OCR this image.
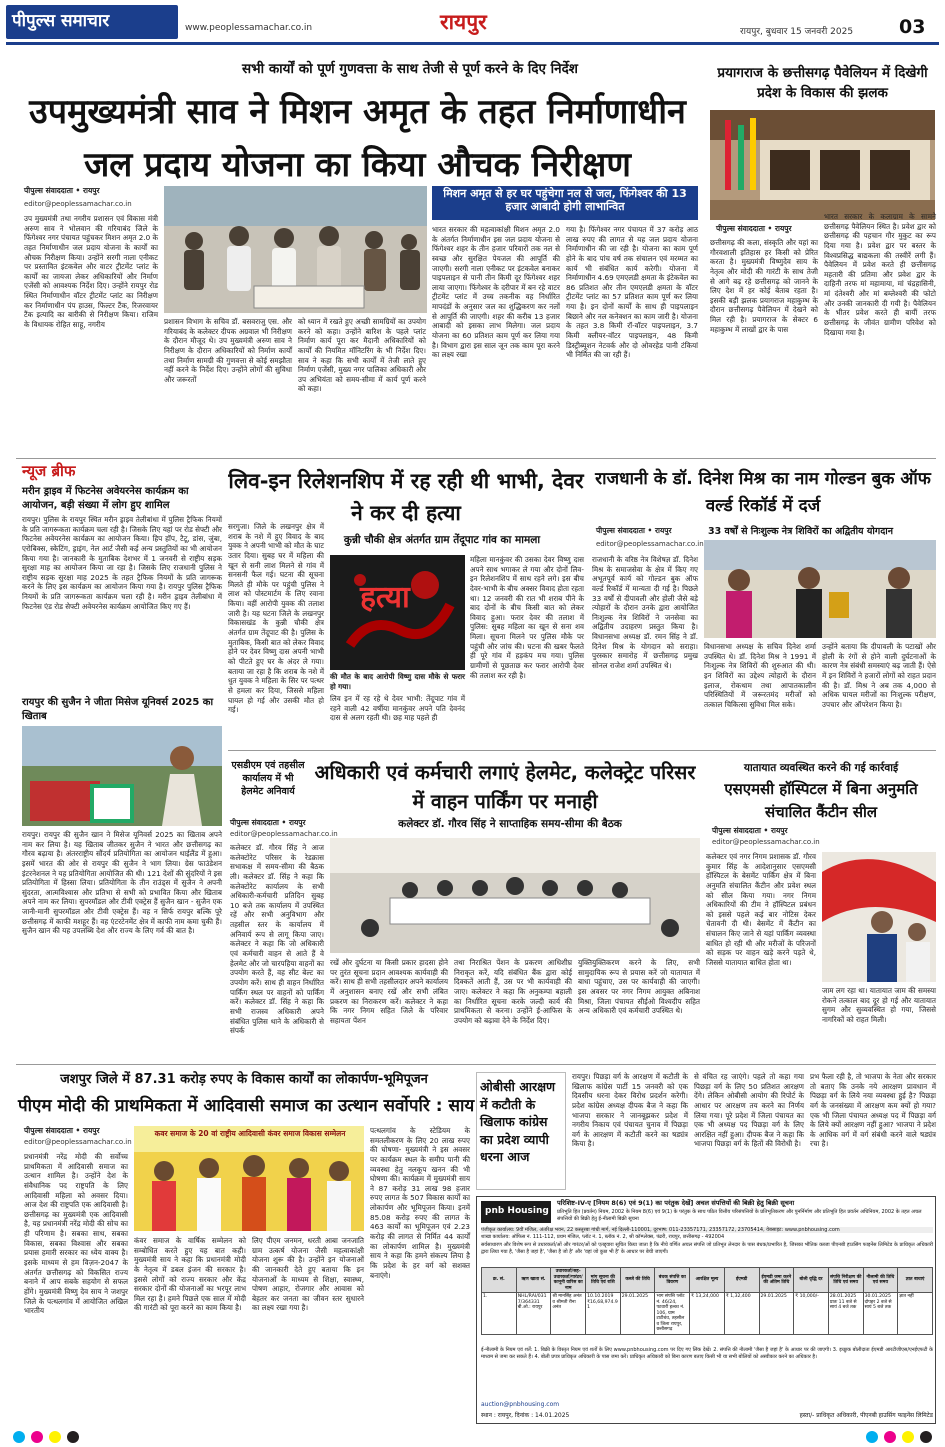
पीपुल्स समाचार	www.peoplessamachar.co.in	रायपुर	रायपुर, बुधवार 15 जनवरी 2025 03
सभी कार्यों को पूर्ण गुणवत्ता के साथ तेजी से पूर्ण करने के दिए निर्देश
उपमुख्यमंत्री साव ने मिशन अमृत के तहत निर्माणाधीन जल प्रदाय योजना का किया औचक निरीक्षण
पीपुल्स संवाददाता • रायपुर
editor@peoplessamachar.co.in
उप मुख्यमंत्री तथा नगरीय प्रशासन एवं विकास मंत्री अरुण साव ने भोलवान की गरियाबंद जिले के फिंगेश्वर नगर पंचायत पहुंचकर मिशन अमृत 2.0 के तहत निर्माणाधीन जल प्रदाय योजना के कार्यों का औचक निरीक्षण किया। उन्होंने सरगी नाला एनीकट पर प्रस्तावित इंटकवेल और वाटर ट्रीटमेंट प्लांट के कार्यों का जायजा लेकर अधिकारियों और निर्माण एजेंसी को आवश्यक निर्देश दिए। उन्होंने रायपुर रोड स्थित निर्माणाधीन वॉटर ट्रीटमेंट प्लांट का निरीक्षण कर निर्माणाधीन पंप हाउस, फिल्टर टैंक, रिजरवायर टैंक इत्यादि का बारीकी से निरीक्षण किया। राजिम के विधायक रोहित साहू, नगरीय	प्रशासन विभाग के सचिव डॉ. बसवराजु एस. और गरियाबंद के कलेक्टर दीपक अग्रवाल भी निरीक्षण के दौरान मौजूद थे। उप मुख्यमंत्री अरुण साव ने निरीक्षण के दौरान अधिकारियों को निर्माण कार्यों तथा निर्माण सामग्री की गुणवत्ता से कोई समझौता नहीं करने के निर्देश दिए। उन्होंने लोगों की सुविधा और जरूरतों
को ध्यान में रखते हुए अच्छी सामग्रियों का उपयोग करने को कहा। उन्होंने बारिश के पहले प्लांट निर्माण कार्य पूरा कर मैदानी अधिकारियों को कार्यों की नियमित मॉनिटरिंग के भी निर्देश दिए। साव ने कहा कि सभी कार्यों में तेजी लाते हुए निर्माण एजेंसी, मुख्य नगर पालिका अधिकारी और उप अभियंता को समय-सीमा में कार्य पूर्ण करने को कहा।
मिशन अमृत से हर घर पहुंचेगा नल से जल, फिंगेश्वर की 13 हजार आबादी होगी लाभान्वित
भारत सरकार की महत्वाकांक्षी मिशन अमृत 2.0 के अंतर्गत निर्माणाधीन इस जल प्रदाय योजना से फिंगेश्वर शहर के तीन हजार परिवारों तक नल से स्वच्छ और सुरक्षित पेयजल की आपूर्ति की जाएगी। सरगी नाला एनीकट पर इंटकवेल बनाकर पाइपलाइन से पानी तीन किमी दूर फिंगेश्वर शहर लाया जाएगा। फिंगेश्वर के दरीपार में बन रहे वाटर ट्रीटमेंट प्लांट में उच्च तकनीक वह निर्धारित मापदंडों के अनुसार जल का शुद्धिकरण कर नलों से आपूर्ति की जाएगी। शहर की करीब 13 हजार आबादी को इसका लाभ मिलेगा। जल प्रदाय योजना का 60 प्रतिशत काम पूर्ण कर लिया गया है। विभाग द्वारा इस साल जून तक काम पूरा करने का लक्ष्य रखा
गया है। फिंगेश्वर नगर पंचायत में 37 करोड़ आठ लाख रुपए की लागत से यह जल प्रदाय योजना निर्माणाधीन की जा रही है। योजना का काम पूर्ण होने के बाद पांच वर्ष तक संचालन एवं मरम्मत का कार्य भी संबंधित कार्य करेगी। योजना में निर्माणाधीन 4.69 एमएलडी क्षमता के इंटेकवेल का 86 प्रतिशत और तीन एमएलडी क्षमता के वॉटर ट्रीटमेंट प्लांट का 57 प्रतिशत काम पूर्ण कर लिया गया है। इन दोनों कार्यों के साथ ही पाइपलाइन बिछाने और नल कनेक्शन का काम जारी है। योजना के तहत 3.8 किमी रॉ-वॉटर पाइपलाइन, 3.7 किमी क्लीयर-वॉटर पाइपलाइन, 48 किमी डिस्ट्रीब्यूशन नेटवर्क और दो ओवरहेड पानी टंकियां भी निर्मित की जा रही हैं।
प्रयागराज के छत्तीसगढ़ पैवेलियन में दिखेगी प्रदेश के विकास की झलक
पीपुल्स संवाददाता • रायपुर
छत्तीसगढ़ की कला, संस्कृति और यहां का गौरवशाली इतिहास हर किसी को प्रेरित करता है। मुख्यमंत्री विष्णुदेव साय के नेतृत्व और मोदी की गारंटी के साथ तेजी से आगे बढ़ रहे छत्तीसगढ़ को जानने के लिए देश में हर कोई बेताब रहता है। इसकी बड़ी झलक प्रयागराज महाकुम्भ के दौरान छत्तीसगढ़ पैवेलियन में देखने को मिल रही है। प्रयागराज के सेक्टर 6 महाकुम्भ में लाखों द्वार के पास
भारत सरकार के कलाग्राम के सामने छत्तीसगढ़ पैवेलियन स्थित है। प्रवेश द्वार को छत्तीसगढ़ की पहचान गौर मुकुट का रूप दिया गया है। प्रवेश द्वार पर बस्तर के विश्वप्रसिद्ध बाद्यकला की तस्वीरें लगी हैं। पैवेलियन में प्रवेश करते ही छत्तीसगढ़ महतारी की प्रतिमा और प्रवेश द्वार के दाहिनी तरफ मां महामाया, मां चंद्रहासिनी, मां दंतेश्वरी और मां बम्लेश्वरी की फोटो और उनकी जानकारी दी गयी है। पैवेलियन के भीतर प्रवेश करते ही बायीं तरफ छत्तीसगढ़ के जीवंत ग्रामीण परिवेश को दिखाया गया है।
न्यूज ब्रीफ
मरीन ड्राइव में फिटनेस अवेयरनेस कार्यक्रम का आयोजन, बड़ी संख्या में लोग हुए शामिल
रायपुर। पुलिस के रायपुर स्थित मरीन ड्राइव तेलीबांधा में पुलिस ट्रैफिक नियमों के प्रति जागरूकता कार्यक्रम चला रही है। जिसके लिए यहां पर रोड सेफ्टी और फिटनेस अवेयरनेस कार्यक्रम का आयोजन किया। हिप हॉप, टैटू, डांस, जुंबा, एरोबिक्स, स्केटिंग, ड्राइंग, नेल आर्ट जैसी कई अन्य प्रस्तुतियों का भी आयोजन किया गया है। जानकारी के मुताबिक देशभर में 1 जनवरी से राष्ट्रीय सड़क सुरक्षा माह का आयोजन किया जा रहा है। जिसके लिए राजधानी पुलिस ने राष्ट्रीय सड़क सुरक्षा माह 2025 के तहत ट्रैफिक नियमों के प्रति जागरूक करने के लिए इस कार्यक्रम का आयोजन किया गया है। रायपुर पुलिस ट्रैफिक नियमों के प्रति जागरूकता कार्यक्रम चला रही है। मरीन ड्राइव तेलीबांधा में फिटनेस एंड रोड सेफ्टी अवेयरनेस कार्यक्रम आयोजित किए गए हैं।
रायपुर की सुजैन ने जीता मिसेज यूनिवर्स 2025 का खिताब
रायपुर। रायपुर की सुजैन खान ने मिसेज यूनिवर्स 2025 का खिताब अपने नाम कर लिया है। यह खिताब जीतकर सुजैन ने भारत और छत्तीसगढ़ का गौरव बढ़ाया है। अंतरराष्ट्रीय सौंदर्य प्रतियोगिता का आयोजन थाईलैंड में हुआ। इसमें भारत की ओर से रायपुर की सुजैन ने भाग लिया। ग्रेस फाउंडेशन इंटरनेशनल ने यह प्रतियोगिता आयोजित की थी। 121 देशों की सुंदरियों ने इस प्रतियोगिता में हिस्सा लिया। प्रतियोगिता के तीन राउंड्स में सुजैन ने अपनी सुंदरता, आत्मविश्वास और प्रतिभा से सभी को प्रभावित किया और खिताब अपने नाम कर लिया। सुपरमॉडल और टीवी एक्ट्रेस हैं सुजैन खान - सुजैन एक जानी-मानी सुपरमॉडल और टीवी एक्ट्रेस हैं। वह न सिर्फ रायपुर बल्कि पूरे छत्तीसगढ़ में काफी मशहूर हैं। वह एंटरटेनमेंट क्षेत्र में काफी नाम कमा चुकी हैं। सुजैन खान की यह उपलब्धि देश और राज्य के लिए गर्व की बात है।
लिव-इन रिलेशनशिप में रह रही थी भाभी, देवर ने कर दी हत्या
कुन्नी चौकी क्षेत्र अंतर्गत ग्राम तेंदूपाट गांव का मामला
सरगुजा। जिले के लखनपुर क्षेत्र में शराब के नशे में हुए विवाद के बाद युवक ने अपनी भाभी को मौत के घाट उतार दिया। सुबह घर में महिला की खून से सनी लाश मिलने से गांव में सनसनी फैल गई। घटना की सूचना मिलते ही मौके पर पहुंची पुलिस ने लाश को पोस्टमार्टम के लिए रवाना किया। वहीं आरोपी युवक की तलाश जारी है। यह घटना जिले के लखनपुर विकासखंड के कुन्नी चौकी क्षेत्र अंतर्गत ग्राम तेंदूपाट की है। पुलिस के मुताबिक, किसी बात को लेकर विवाद होने पर देवर विष्णु दास अपनी भाभी को पीटते हुए घर के अंदर ले गया। बताया जा रहा है कि शराब के नशे में धुत युवक ने महिला के सिर पर पत्थर से हमला कर दिया, जिससे महिला घायल हो गई और उसकी मौत हो गई।
हत्या
की मौत के बाद आरोपी विष्णु दास मौके से फरार हो गया।
लिव इन में रह रहे थे देवर भाभी: तेंदूपाट गांव में रहने वाली 42 वर्षीया मानकुंवर अपने पति देवनंद दास से अलग रहती थी। छह माह पहले ही
महिला मानकुंवर की उसका देवर विष्णु दास अपने साथ भगाकर ले गया और दोनों लिव-इन रिलेशनशिप में साथ रहने लगे। इस बीच देवर-भाभी के बीच अक्सर विवाद होता रहता था। 12 जनवरी की रात भी शराब पीने के बाद दोनों के बीच किसी बात को लेकर विवाद हुआ। फरार देवर की तलाश में पुलिस: सुबह महिला का खून से सना शव मिला। सूचना मिलने पर पुलिस मौके पर पहुंची और जांच की। घटना की खबर फैलते ही पूरे गांव में हड़कंप मच गया। पुलिस ग्रामीणों से पूछताछ कर फरार आरोपी देवर की तलाश कर रही है।
राजधानी के डॉ. दिनेश मिश्र का नाम गोल्डन बुक ऑफ वर्ल्ड रिकॉर्ड में दर्ज
पीपुल्स संवाददाता • रायपुर
editor@peoplessamachar.co.in
33 वर्षों से निःशुल्क नेत्र शिविरों का अद्वितीय योगदान
राजधानी के वरिष्ठ नेत्र विशेषज्ञ डॉ. दिनेश मिश्र के समाजसेवा के क्षेत्र में किए गए अभूतपूर्व कार्य को गोल्डन बुक ऑफ वर्ल्ड रिकॉर्ड में मान्यता दी गई है। पिछले 33 वर्षों से दीपावली और होली जैसे बड़े त्योहारों के दौरान उनके द्वारा आयोजित निःशुल्क नेत्र शिविरों ने जनसेवा का अद्वितीय उदाहरण प्रस्तुत किया है। विधानसभा अध्यक्ष डॉ. रमन सिंह ने डॉ. दिनेश मिश्र के योगदान को सराहा। पुरस्कार समारोह में छत्तीसगढ़ प्रमुख सोनल राजेश शर्मा उपस्थित थे।
विधानसभा अध्यक्ष के सचिव दिनेश शर्मा उपस्थित थे। डॉ. दिनेश मिश्र ने 1991 में निःशुल्क नेत्र शिविरों की शुरुआत की थी। इन शिविरों का उद्देश्य त्योहारों के दौरान इलाज, रोकथाम तथा आपातकालीन परिस्थितियों में जरूरतमंद मरीजों को तत्काल चिकित्सा सुविधा मिल सके।
उन्होंने बताया कि दीपावली के पटाखों और होली के रंगों से होने वाली दुर्घटनाओं के कारण नेत्र संबंधी समस्याएं बढ़ जाती हैं। ऐसे में इन शिविरों ने हजारों लोगों को राहत प्रदान की है। डॉ. मिश्र ने अब तक 4,000 से अधिक घायल मरीजों का निःशुल्क परीक्षण, उपचार और ऑपरेशन किया है।
एसडीएम एवं तहसील कार्यालय में भी हेलमेट अनिवार्य
अधिकारी एवं कर्मचारी लगाएं हेलमेट, कलेक्ट्रेट परिसर में वाहन पार्किंग पर मनाही
कलेक्टर डॉ. गौरव सिंह ने साप्ताहिक समय-सीमा की बैठक
पीपुल्स संवाददाता • रायपुर
editor@peoplessamachar.co.in
कलेक्टर डॉ. गौरव सिंह ने आज कलेक्टोरेट परिसर के रेडक्रास सभाकक्ष में समय-सीमा की बैठक ली। कलेक्टर डॉ. सिंह ने कहा कि कलेक्टोरेट कार्यालय के सभी अधिकारी-कर्मचारी प्रतिदिन सुबह 10 बजे तक कार्यालय में उपस्थित रहें और सभी अनुविभाग और तहसील स्तर के कार्यालय में अनिवार्य रूप से लागू किया जाए। कलेक्टर ने कहा कि जो अधिकारी एवं कर्मचारी वाहन से आते हैं वे हेलमेट और जो चारपहिया वाहनों का उपयोग करते हैं, वह सीट बेल्ट का उपयोग करें। साथ ही वाहन निर्धारित पार्किंग स्थल पर वाहनों को पार्किंग करें। कलेक्टर डॉ. सिंह ने कहा कि सभी राजस्व अधिकारी अपने संबंधित पुलिस थाने के अधिकारी से संपर्क
रखें और दुर्घटना या किसी प्रकार हादसा होने पर तुरंत सूचना प्रदान आवश्यक कार्यवाही की करें। साथ ही सभी तहसीलदार अपने कार्यालय में अनुशासन बनाए रखें और सभी लंबित प्रकरण का निराकरण करें। कलेक्टर ने कहा कि नगर निगम सहित जिले के परिवार सहायता पेंशन
तथा निराश्रित पेंशन के प्रकरण आधिशीघ्र निराकृत करें, यदि संबंधित बैंक द्वारा कोई दिक्कतें आती हैं, उस पर भी कार्यवाही की जाए। कलेक्टर ने कहा कि अनुकम्पा बहाली का निर्धारित सूचना करके जल्दी कार्य की प्राथमिकता से करना। उन्होंने ई-आफिस के उपयोग को बढ़ावा देने के निर्देश दिए।
युक्तियुक्तिकरण करने के लिए, सभी सामुदायिक रूप से प्रयास करें जो यातायात में बाधा पहुंचाए, उस पर कार्यवाही की जाएगी। इस अवसर पर नगर निगम आयुक्त अबिनाश मिश्रा, जिला पंचायत सीईओ विश्वदीप सहित अन्य अधिकारी एवं कर्मचारी उपस्थित थे।
यातायात व्यवस्थित करने की गई कार्रवाई
एसएमसी हॉस्पिटल में बिना अनुमति संचालित कैंटीन सील
पीपुल्स संवाददाता • रायपुर
editor@peoplessamachar.co.in
कलेक्टर एवं नगर निगम प्रशासक डॉ. गौरव कुमार सिंह के आदेशानुसार एसएमसी हॉस्पिटल के बेसमेंट पार्किंग क्षेत्र में बिना अनुमति संचालित कैंटीन और प्रवेश स्थल को सील किया गया। नगर निगम अधिकारियों की टीम ने हॉस्पिटल प्रबंधन को इससे पहले कई बार नोटिस देकर चेतावनी दी थी। बेसमेंट में कैंटीन का संचालन किए जाने से यहां पार्किंग व्यवस्था बाधित हो रही थी और मरीजों के परिजनों को सड़क पर वाहन खड़े करने पड़ते थे, जिससे यातायात बाधित होता था।
जाम लग रहा था। यातायात जाम की समस्या रोकने तत्काल बाद दूर हो गई और यातायात सुगम और सुव्यवस्थित हो गया, जिससे नागरिकों को राहत मिली।
जशपुर जिले में 87.31 करोड़ रुपए के विकास कार्यों का लोकार्पण-भूमिपूजन
पीएम मोदी की प्राथमिकता में आदिवासी समाज का उत्थान सर्वोपरि : साय
पीपुल्स संवाददाता • रायपुर
editor@peoplessamachar.co.in
प्रधानमंत्री नरेंद्र मोदी की सर्वोच्च प्राथमिकता में आदिवासी समाज का उत्थान शामिल है। उन्होंने देश के संवैधानिक पद राष्ट्रपति के लिए आदिवासी महिला को अवसर दिया। आज देश की राष्ट्रपति एक आदिवासी है। छत्तीसगढ़ का मुख्यमंत्री एक आदिवासी है, यह प्रधानमंत्री नरेंद्र मोदी की सोच का ही परिणाम है। सबका साथ, सबका विकास, सबका विश्वास और सबका प्रयास हमारी सरकार का ध्येय वाक्य है। इसके माध्यम से हम विज़न-2047 के अंतर्गत छत्तीसगढ़ को विकसित राज्य बनाने में आप सबके सहयोग से सफल होंगे। मुख्यमंत्री विष्णु देव साय ने जशपुर जिले के पत्थलगांव में आयोजित अखिल भारतीय
कवर समाज के 20 वां राष्ट्रीय आदिवासी कंवर समाज विकास सम्मेलन
कंवर समाज के वार्षिक सम्मेलन को सम्बोधित करते हुए यह बात कही। मुख्यमंत्री साय ने कहा कि प्रधानमंत्री मोदी के नेतृत्व में डबल इंजन की सरकार है। इससे लोगों को राज्य सरकार और केंद्र सरकार दोनों की योजनाओं का भरपूर लाभ मिल रहा है। हमने पिछले एक साल में मोदी की गारंटी को पूरा करने का काम किया है।
लिए पीएम जनमन, धरती आबा जनजाति ग्राम उत्कर्ष योजना जैसी महत्वाकांक्षी योजना शुरू की है। उन्होंने इन योजनाओं की जानकारी देते हुए बताया कि इन योजनाओं के माध्यम से शिक्षा, स्वास्थ्य, पोषण आहार, रोजगार और आवास को बेहतर कर जनता का जीवन स्तर सुधारने का लक्ष्य रखा गया है।
पत्थलगांव के स्टेडियम के समतलीकरण के लिए 20 लाख रुपए की घोषणा- मुख्यमंत्री ने इस अवसर पर कार्यक्रम स्थल के समीप पानी की व्यवस्था हेतु नलकूप खनन की भी घोषणा की। कार्यक्रम में मुख्यमंत्री साय ने 87 करोड़ 31 लाख 98 हजार रुपए लागत के 507 विकास कार्यों का लोकार्पण और भूमिपूजन किया। इनमें 85.08 करोड़ रुपए की लागत के 463 कार्यों का भूमिपूजन एवं 2.23 करोड़ की लागत से निर्मित 44 कार्यों का लोकार्पण शामिल है। मुख्यमंत्री साय ने कहा कि हमने संकल्प लिया है कि प्रदेश के हर वर्ग को सशक्त बनाएंगे।
ओबीसी आरक्षण में कटौती के खिलाफ कांग्रेस का प्रदेश व्यापी धरना आज
रायपुर। पिछड़ा वर्ग के आरक्षण में कटौती के खिलाफ कांग्रेस पार्टी 15 जनवरी को एक दिवसीय धरना देकर विरोध प्रदर्शन करेगी। प्रदेश कांग्रेस अध्यक्ष दीपक बैज ने कहा कि भाजपा सरकार ने जानबूझकर प्रदेश में नगरीय निकाय एवं पंचायत चुनाव में पिछड़ा वर्ग के आरक्षण में कटौती करने का षड्यंत्र किया है।
से वंचित रह जाएंगे। पहले तो कहा गया पिछड़ा वर्ग के लिए 50 प्रतिशत आरक्षण देंगे। लेकिन ओबीसी आयोग की रिपोर्ट के आधार पर आरक्षण तय करने का निर्णय लिया गया। पूरे प्रदेश में जिला पंचायत का एक भी अध्यक्ष पद पिछड़ा वर्ग के लिए आरक्षित नहीं हुआ। दीपक बैज ने कहा कि भाजपा पिछड़ा वर्ग के हितों की विरोधी है।
प्रभ फैला रही है, तो भाजपा के नेता और सरकार तो बताए कि उनके नये आरक्षण प्रावधान में पिछड़ा वर्ग के लिये नया व्यवस्था हुई है? पिछड़ा वर्ग के जनसंख्या में आरक्षण कम क्यों हो गया? एक भी जिला पंचायत अध्यक्ष पद में पिछड़ा वर्ग के लिये क्यों आरक्षण नहीं हुआ? भाजपा ने प्रदेश के आधिक वर्ग में वर्ग संबंधी करने वाले षड्यंत्र रचा है।
pnb Housing
परिशिष्ट-IV-ए [नियम 8(6) एवं 9(1) का परंतुक देखें] अचल संपत्तियों की बिक्री हेतु बिक्री सूचना
प्रतिभूति हित (प्रवर्तन) नियम, 2002 के नियम 8(6) एवं 9(1) के परंतुक के साथ पठित वित्तीय परिसंपत्तियों के प्रतिभूतिकरण और पुनर्निर्माण और प्रतिभूति हित प्रवर्तन अधिनियम, 2002 के तहत अचल संपत्तियों की बिक्री हेतु ई-नीलामी बिक्री सूचना
पंजीकृत कार्यालय: 9वीं मंजिल, अंतरिक्ष भवन, 22 कस्तूरबा गांधी मार्ग, नई दिल्ली-110001, दूरभाष: 011-23357171, 23357172, 23705414, वेबसाइट: www.pnbhousing.com
शाखा कार्यालय: ऑफिस नं. 111-112, प्रथम मंजिल, प्लॉट नं. 1, ब्लॉक नं. 2, श्री कॉम्प्लेक्स, पंढरी, रायपुर, छत्तीसगढ़ - 492004
सर्वसाधारण और विशेष रूप से उधारकर्ता/ओं और गारंटर/ओं को एतद्द्वारा सूचित किया जाता है कि नीचे वर्णित अचल संपत्ति जो प्रतिभूत लेनदार के पास बंधक/प्रभारित है, जिसका भौतिक कब्जा पीएनबी हाउसिंग फाइनेंस लिमिटेड के प्राधिकृत अधिकारी द्वारा लिया गया है, 'जैसा है जहां है', 'जैसा है जो है' और 'वहां जो कुछ भी है' के आधार पर बेची जाएगी।
क्र. सं.	ऋण खाता सं.	उधारकर्ता/सह-उधारकर्ता/गारंटर/कानूनी वारिस का नाम	मांग सूचना की तिथि एवं राशि	कब्जे की तिथि	बंधक संपत्ति का विवरण	आरक्षित मूल्य	ईएमडी	ईएमडी जमा करने की अंतिम तिथि	बोली वृद्धि दर	संपत्ति निरीक्षण की तिथि एवं समय	नीलामी की तिथि एवं समय	ज्ञात बाधाएं
1.	NHL/RAI/0317/364331 बी.ओ.: रायपुर	श्री मानसिंह अनंत व श्रीमती रीना अनंत	10.10.2019 ₹16,68,974.91	29.01.2025	भाग संपत्ति प्लॉट नं. 46/24, पटवारी हल्का नं. 106, ग्राम टाटीबंध, तहसील व जिला रायपुर, छत्तीसगढ़	₹ 13,24,000	₹ 1,32,400	29.01.2025	₹ 10,000/-	28.01.2025 प्रातः 11 बजे से सायं 4 बजे तक	30.01.2025 दोपहर 2 बजे से सायं 5 बजे तक	ज्ञात नहीं
ई-नीलामी के नियम एवं शर्तें: 1. बिक्री के विस्तृत नियम एवं शर्तों के लिए www.pnbhousing.com पर दिए गए लिंक देखें। 2. संपत्ति की नीलामी 'जैसा है जहां है' के आधार पर की जाएगी। 3. इच्छुक बोलीदाता ईएमडी आरटीजीएस/एनईएफटी के माध्यम से जमा कर सकते हैं। 4. बोली प्रपत्र प्राधिकृत अधिकारी के पास जमा करें। प्राधिकृत अधिकारी को बिना कारण बताए किसी भी या सभी बोलियों को अस्वीकार करने का अधिकार है।
auction@pnbhousing.com
स्थान : रायपुर, दिनांक : 14.01.2025	हस्ता/- प्राधिकृत अधिकारी, पीएनबी हाउसिंग फाइनेंस लिमिटेड
